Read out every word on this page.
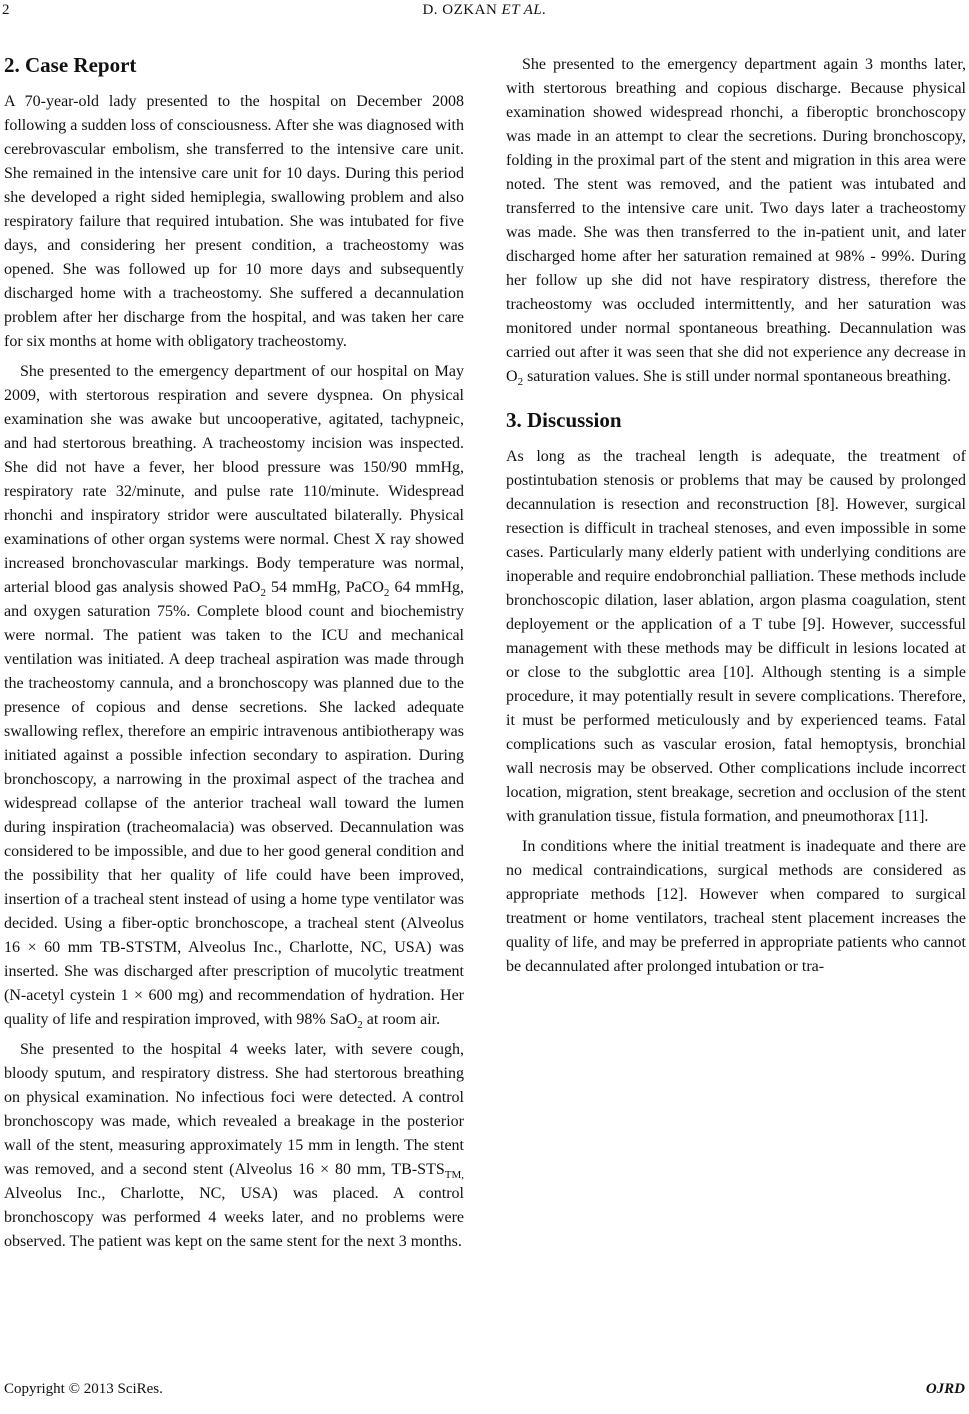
2	D. OZKAN ET AL.
2. Case Report

A 70-year-old lady presented to the hospital on December 2008 following a sudden loss of consciousness. After she was diagnosed with cerebrovascular embolism, she transferred to the intensive care unit. She remained in the intensive care unit for 10 days. During this period she developed a right sided hemiplegia, swallowing problem and also respiratory failure that required intubation. She was intubated for five days, and considering her present condition, a tracheostomy was opened. She was followed up for 10 more days and subsequently discharged home with a tracheostomy. She suffered a decannulation problem after her discharge from the hospital, and was taken her care for six months at home with obligatory tracheostomy.

She presented to the emergency department of our hospital on May 2009, with stertorous respiration and severe dyspnea. On physical examination she was awake but uncooperative, agitated, tachypneic, and had stertorous breathing. A tracheostomy incision was inspected. She did not have a fever, her blood pressure was 150/90 mmHg, respiratory rate 32/minute, and pulse rate 110/minute. Widespread rhonchi and inspiratory stridor were auscultated bilaterally. Physical examinations of other organ systems were normal. Chest X ray showed increased bronchovascular markings. Body temperature was normal, arterial blood gas analysis showed PaO$_2$ 54 mmHg, PaCO$_2$ 64 mmHg, and oxygen saturation 75%. Complete blood count and biochemistry were normal. The patient was taken to the ICU and mechanical ventilation was initiated. A deep tracheal aspiration was made through the tracheostomy cannula, and a bronchoscopy was planned due to the presence of copious and dense secretions. She lacked adequate swallowing reflex, therefore an empiric intravenous antibiotherapy was initiated against a possible infection secondary to aspiration. During bronchoscopy, a narrowing in the proximal aspect of the trachea and widespread collapse of the anterior tracheal wall toward the lumen during inspiration (tracheomalacia) was observed. Decannulation was considered to be impossible, and due to her good general condition and the possibility that her quality of life could have been improved, insertion of a tracheal stent instead of using a home type ventilator was decided. Using a fiber-optic bronchoscope, a tracheal stent (Alveolus 16 × 60 mm TB-STSTM, Alveolus Inc., Charlotte, NC, USA) was inserted. She was discharged after prescription of mucolytic treatment (N-acetyl cystein 1 × 600 mg) and recommendation of hydration. Her quality of life and respiration improved, with 98% SaO$_2$ at room air.

She presented to the hospital 4 weeks later, with severe cough, bloody sputum, and respiratory distress. She had stertorous breathing on physical examination. No infectious foci were detected. A control bronchoscopy was made, which revealed a breakage in the posterior wall of the stent, measuring approximately 15 mm in length. The stent was removed, and a second stent (Alveolus 16 × 80 mm, $TB-STS_{TM,}$ Alveolus Inc., Charlotte, NC, USA) was placed. A control bronchoscopy was performed 4 weeks later, and no problems were observed. The patient was kept on the same stent for the next 3 months.

She presented to the emergency department again 3 months later, with stertorous breathing and copious discharge. Because physical examination showed widespread rhonchi, a fiberoptic bronchoscopy was made in an attempt to clear the secretions. During bronchoscopy, folding in the proximal part of the stent and migration in this area were noted. The stent was removed, and the patient was intubated and transferred to the intensive care unit. Two days later a tracheostomy was made. She was then transferred to the in-patient unit, and later discharged home after her saturation remained at 98% - 99%. During her follow up she did not have respiratory distress, therefore the tracheostomy was occluded intermittently, and her saturation was monitored under normal spontaneous breathing. Decannulation was carried out after it was seen that she did not experience any decrease in $O_2$ saturation values. She is still under normal spontaneous breathing.

3. Discussion

As long as the tracheal length is adequate, the treatment of postintubation stenosis or problems that may be caused by prolonged decannulation is resection and reconstruction [8]. However, surgical resection is difficult in tracheal stenoses, and even impossible in some cases. Particularly many elderly patient with underlying conditions are inoperable and require endobronchial palliation. These methods include bronchoscopic dilation, laser ablation, argon plasma coagulation, stent deployement or the application of a T tube [9]. However, successful management with these methods may be difficult in lesions located at or close to the subglottic area [10]. Although stenting is a simple procedure, it may potentially result in severe complications. Therefore, it must be performed meticulously and by experienced teams. Fatal complications such as vascular erosion, fatal hemoptysis, bronchial wall necrosis may be observed. Other complications include incorrect location, migration, stent breakage, secretion and occlusion of the stent with granulation tissue, fistula formation, and pneumothorax [11].

In conditions where the initial treatment is inadequate and there are no medical contraindications, surgical methods are considered as appropriate methods [12]. However when compared to surgical treatment or home ventilators, tracheal stent placement increases the quality of life, and may be preferred in appropriate patients who cannot be decannulated after prolonged intubation or tra-

Copyright © 2013 SciRes.	OJRD
